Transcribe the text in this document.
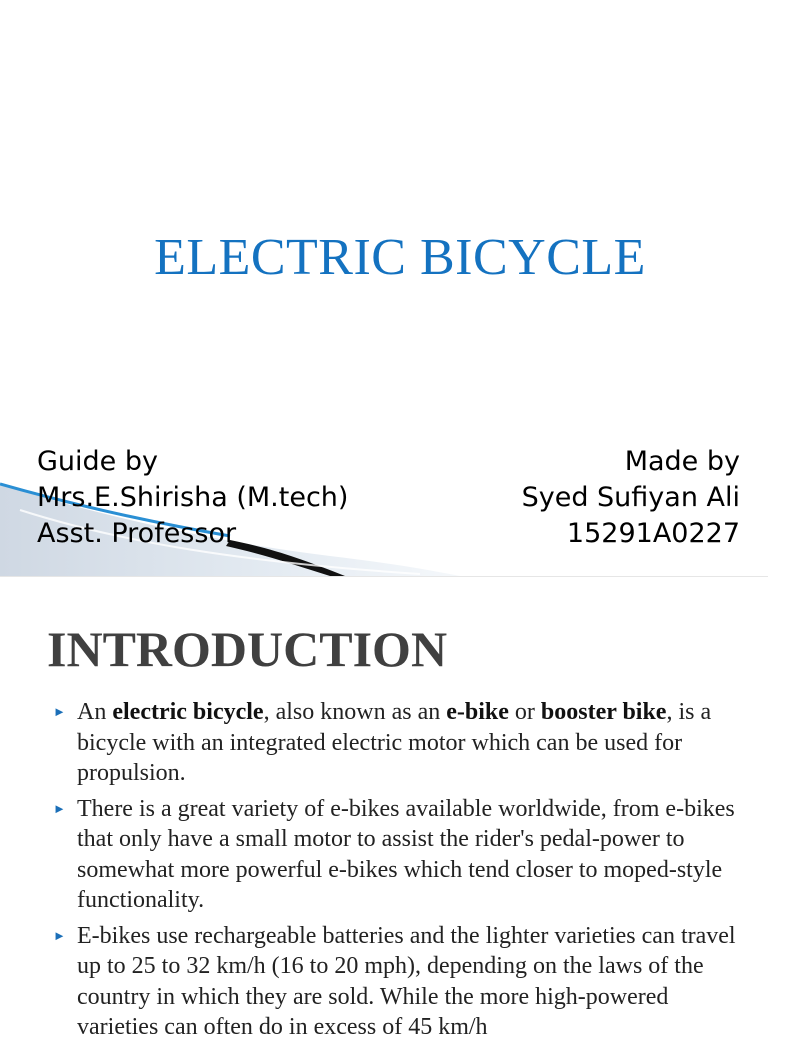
ELECTRIC BICYCLE
Guide by
Mrs.E.Shirisha (M.tech)
Asst. Professor
Made by
Syed Sufiyan Ali
15291A0227
INTRODUCTION
► An electric bicycle, also known as an e-bike or booster bike, is a bicycle with an integrated electric motor which can be used for propulsion.
► There is a great variety of e-bikes available worldwide, from e-bikes that only have a small motor to assist the rider's pedal-power to somewhat more powerful e-bikes which tend closer to moped-style functionality.
► E-bikes use rechargeable batteries and the lighter varieties can travel up to 25 to 32 km/h (16 to 20 mph), depending on the laws of the country in which they are sold. While the more high-powered varieties can often do in excess of 45 km/h
